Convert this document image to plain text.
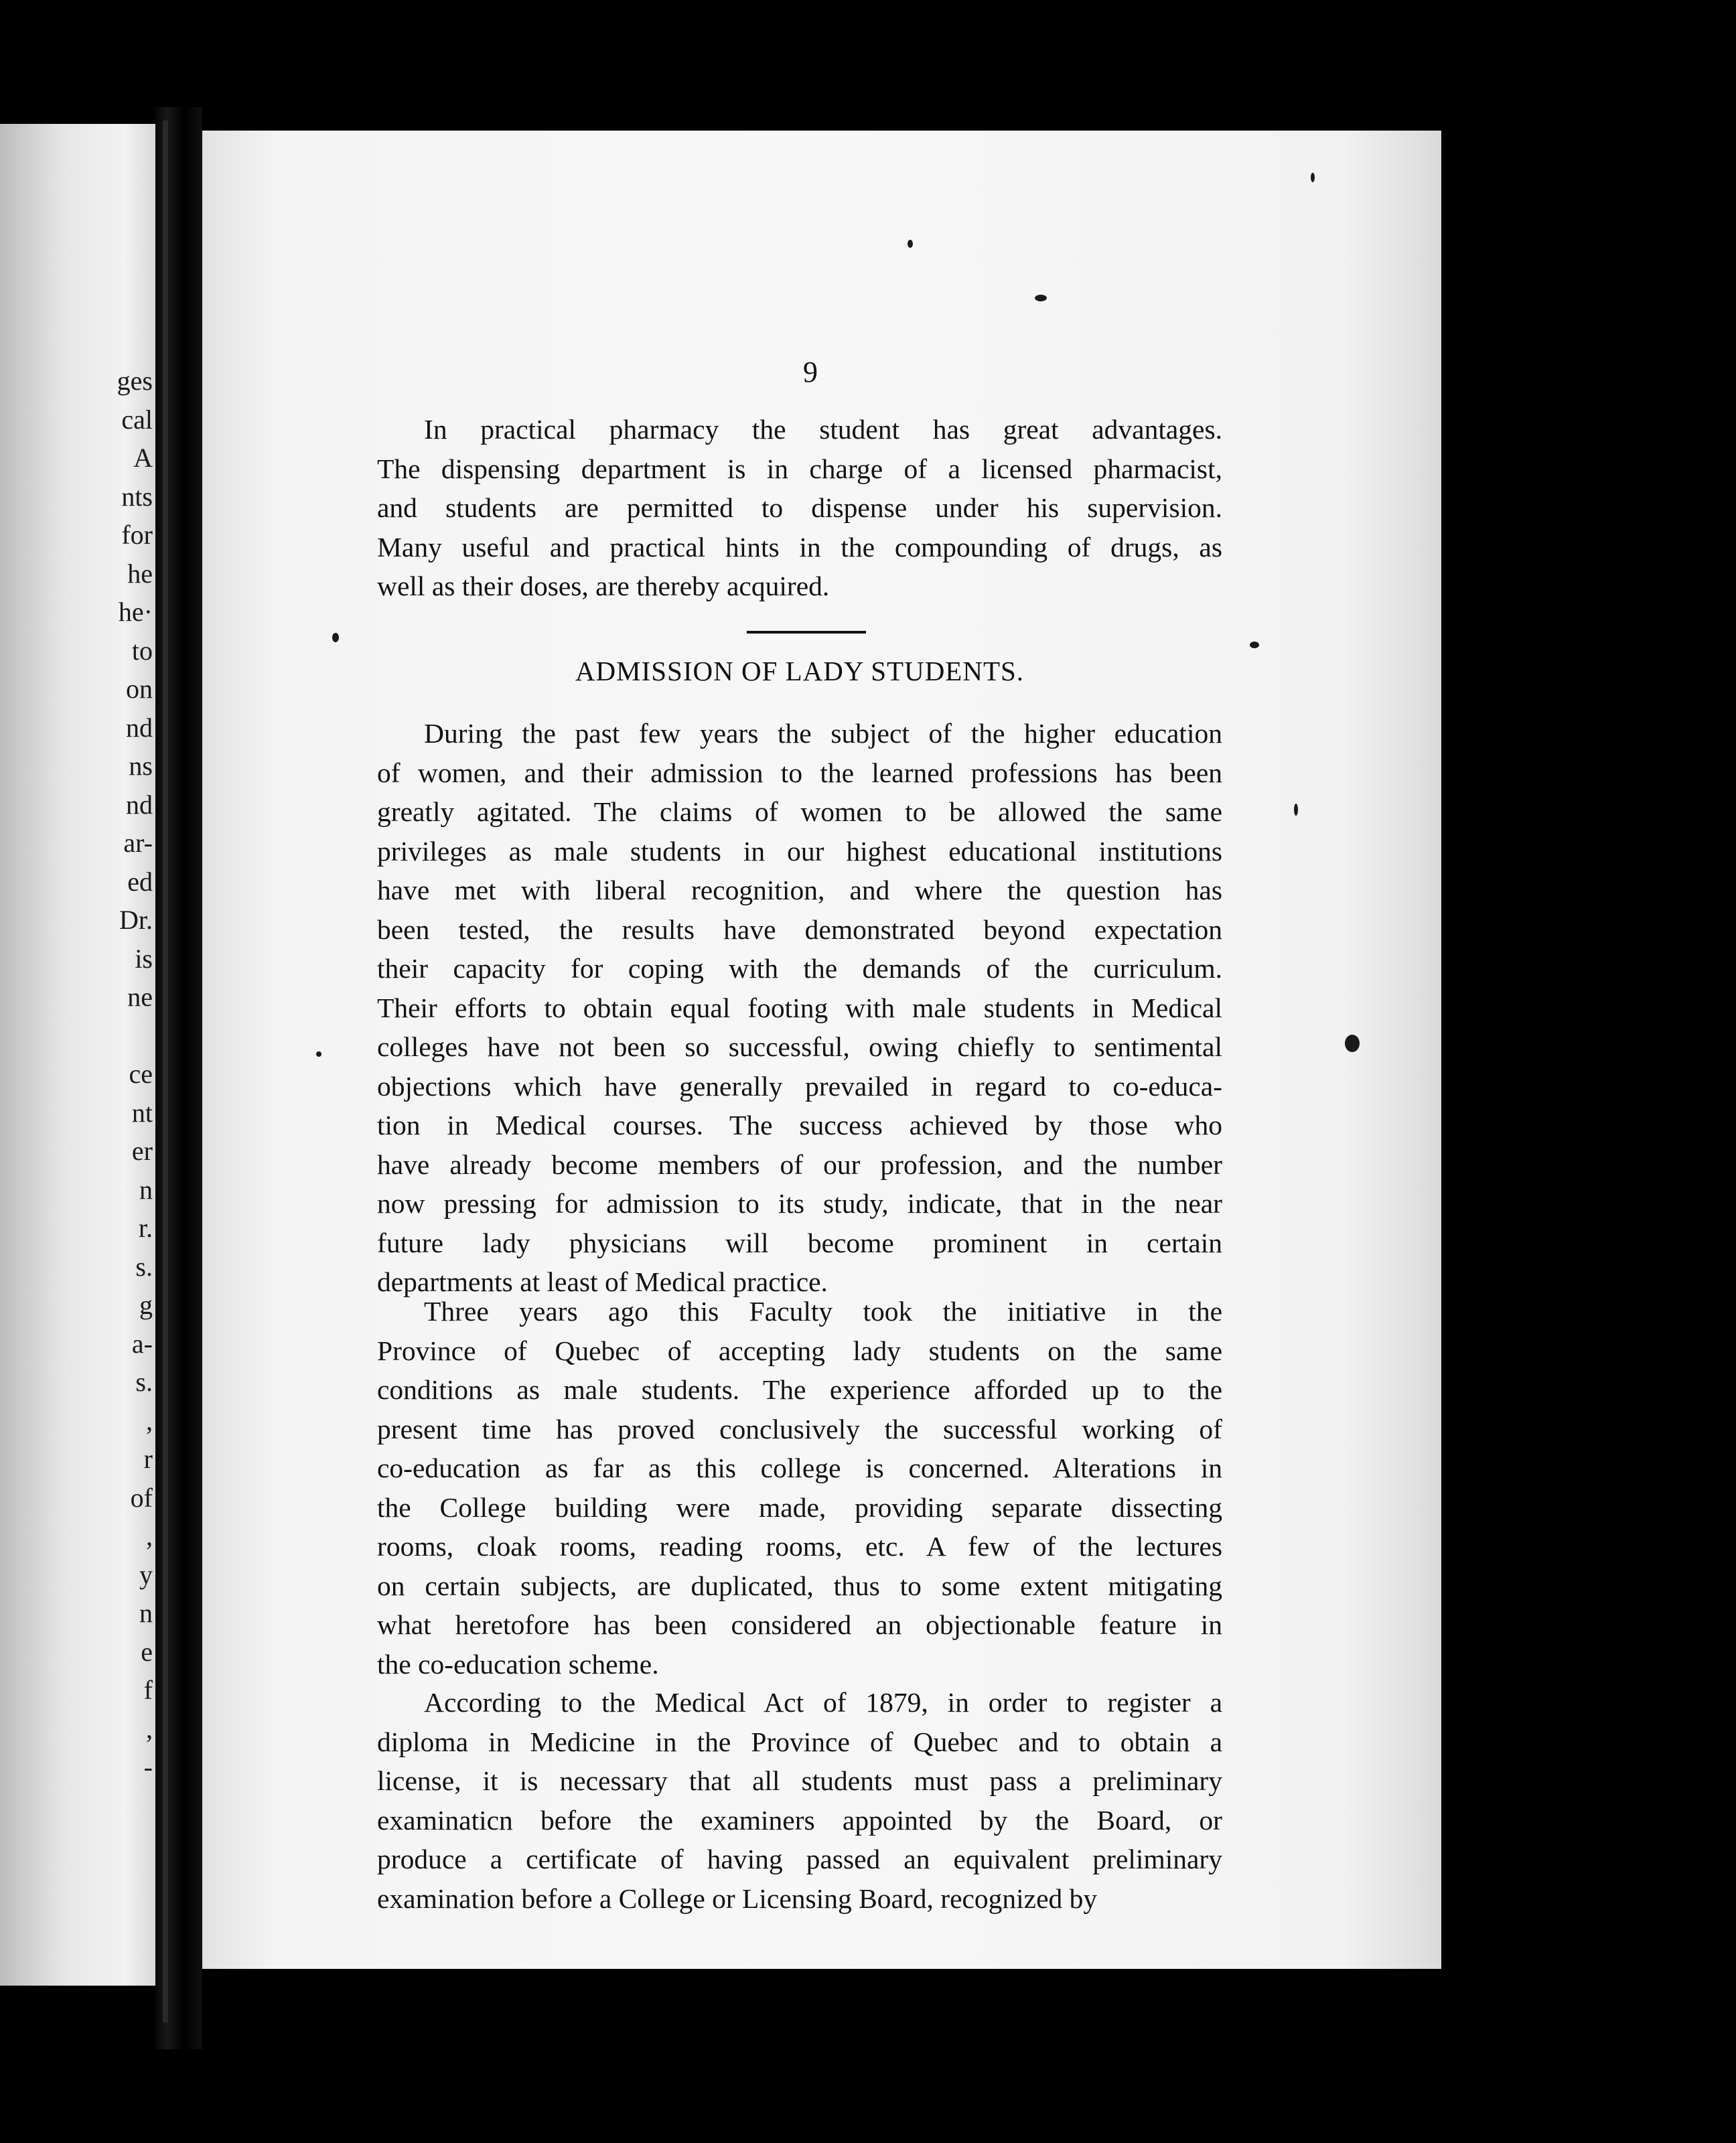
ges
cal
A
nts
for
he
he·
to
on
nd
ns
nd
ar-
ed
Dr.
is
ne
ce
nt
er
n
r.
s.
g
a-
s.
,
r
of
,
y
n
e
f
,
-
9
In practical pharmacy the student has great advantages.
The dispensing department is in charge of a licensed pharmacist,
and students are permitted to dispense under his supervision.
Many useful and practical hints in the compounding of drugs, as
well as their doses, are thereby acquired.
ADMISSION OF LADY STUDENTS.
During the past few years the subject of the higher education
of women, and their admission to the learned professions has been
greatly agitated. The claims of women to be allowed the same
privileges as male students in our highest educational institutions
have met with liberal recognition, and where the question has
been tested, the results have demonstrated beyond expectation
their capacity for coping with the demands of the curriculum.
Their efforts to obtain equal footing with male students in Medical
colleges have not been so successful, owing chiefly to sentimental
objections which have generally prevailed in regard to co-educa-
tion in Medical courses. The success achieved by those who
have already become members of our profession, and the number
now pressing for admission to its study, indicate, that in the near
future lady physicians will become prominent in certain
departments at least of Medical practice.
Three years ago this Faculty took the initiative in the
Province of Quebec of accepting lady students on the same
conditions as male students. The experience afforded up to the
present time has proved conclusively the successful working of
co-education as far as this college is concerned. Alterations in
the College building were made, providing separate dissecting
rooms, cloak rooms, reading rooms, etc. A few of the lectures
on certain subjects, are duplicated, thus to some extent mitigating
what heretofore has been considered an objectionable feature in
the co-education scheme.
According to the Medical Act of 1879, in order to register a
diploma in Medicine in the Province of Quebec and to obtain a
license, it is necessary that all students must pass a preliminary
examinaticn before the examiners appointed by the Board, or
produce a certificate of having passed an equivalent preliminary
examination before a College or Licensing Board, recognized by
